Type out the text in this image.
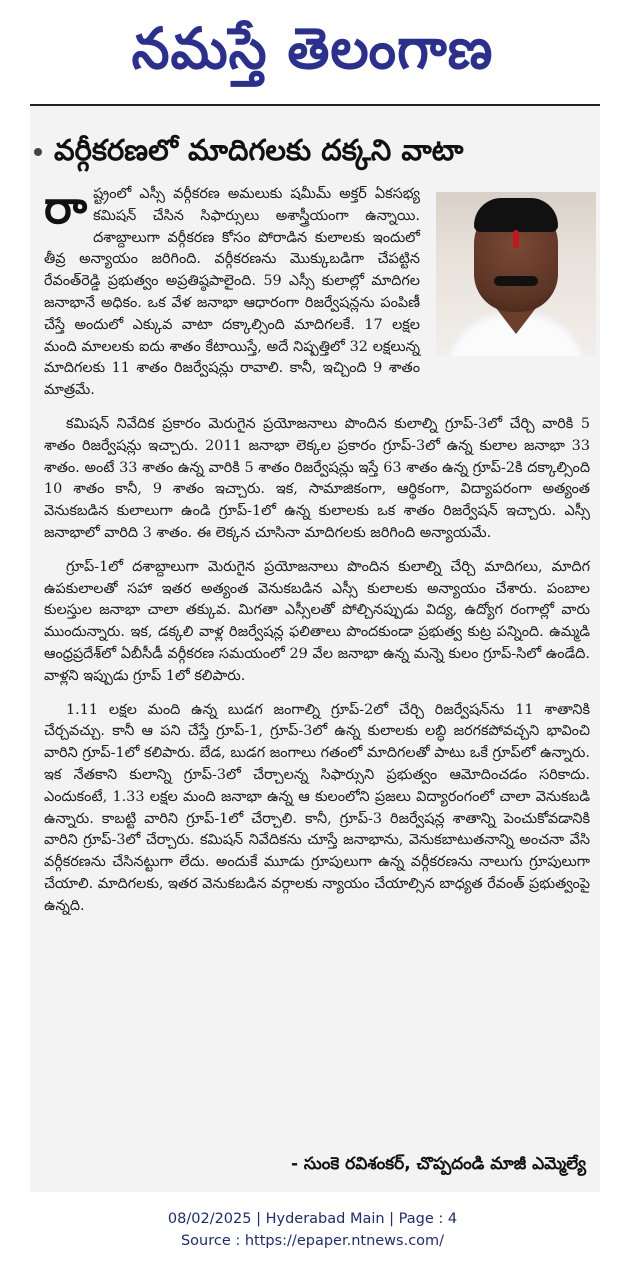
నమస్తే తెలంగాణ
వర్గీకరణలో మాదిగలకు దక్కని వాటా

రాష్ట్రంలో ఎస్సీ వర్గీకరణ అమలుకు షమీమ్ అక్తర్ ఏకసభ్య కమిషన్ చేసిన సిఫార్సులు అశాస్త్రీయంగా ఉన్నాయి. దశాబ్దాలుగా వర్గీకరణ కోసం పోరాడిన కులాలకు ఇందులో తీవ్ర అన్యాయం జరిగింది. వర్గీకరణను మొక్కుబడిగా చేపట్టిన రేవంత్‌రెడ్డి ప్రభుత్వం అప్రతిష్ఠపాలైంది. 59 ఎస్సీ కులాల్లో మాదిగల జనాభానే అధికం. ఒక వేళ జనాభా ఆధారంగా రిజర్వేషన్లను పంపిణీ చేస్తే అందులో ఎక్కువ వాటా దక్కాల్సింది మాదిగలకే. 17 లక్షల మంది మాలలకు ఐదు శాతం కేటాయిస్తే, అదే నిష్పత్తిలో 32 లక్షలున్న మాదిగలకు 11 శాతం రిజర్వేషన్లు రావాలి. కానీ, ఇచ్చింది 9 శాతం మాత్రమే.

కమిషన్ నివేదిక ప్రకారం మెరుగైన ప్రయోజనాలు పొందిన కులాల్ని గ్రూప్‌-3లో చేర్చి వారికి 5 శాతం రిజర్వేషన్లు ఇచ్చారు. 2011 జనాభా లెక్కల ప్రకారం గ్రూప్‌-3లో ఉన్న కులాల జనాభా 33 శాతం. అంటే 33 శాతం ఉన్న వారికి 5 శాతం రిజర్వేషన్లు ఇస్తే 63 శాతం ఉన్న గ్రూప్‌-2కి దక్కాల్సింది 10 శాతం కానీ, 9 శాతం ఇచ్చారు. ఇక, సామాజికంగా, ఆర్థికంగా, విద్యాపరంగా అత్యంత వెనుకబడిన కులాలుగా ఉండి గ్రూప్‌-1లో ఉన్న కులాలకు ఒక శాతం రిజర్వేషన్ ఇచ్చారు. ఎస్సీ జనాభాలో వారిది 3 శాతం. ఈ లెక్కన చూసినా మాదిగలకు జరిగింది అన్యాయమే.

గ్రూప్‌-1లో దశాబ్దాలుగా మెరుగైన ప్రయోజనాలు పొందిన కులాల్ని చేర్చి మాదిగలు, మాదిగ ఉపకులాలతో సహా ఇతర అత్యంత వెనుకబడిన ఎస్సీ కులాలకు అన్యాయం చేశారు. పంబాల కులస్తుల జనాభా చాలా తక్కువ. మిగతా ఎస్సీలతో పోల్చినప్పుడు విద్య, ఉద్యోగ రంగాల్లో వారు ముందున్నారు. ఇక, డక్కలి వాళ్ల రిజర్వేషన్ల ఫలితాలు పొందకుండా ప్రభుత్వ కుట్ర పన్నింది. ఉమ్మడి ఆంధ్రప్రదేశ్‌లో ఏబీసీడీ వర్గీకరణ సమయంలో 29 వేల జనాభా ఉన్న మన్నె కులం గ్రూప్‌-సిలో ఉండేది. వాళ్లని ఇప్పుడు గ్రూప్ 1లో కలిపారు.

1.11 లక్షల మంది ఉన్న బుడగ జంగాల్ని గ్రూప్‌-2లో చేర్చి రిజర్వేషన్‌ను 11 శాతానికి చేర్చవచ్చు. కానీ ఆ పని చేస్తే గ్రూప్‌-1, గ్రూప్‌-3లో ఉన్న కులాలకు లబ్ధి జరగకపోవచ్చని భావించి వారిని గ్రూప్‌-1లో కలిపారు. బేడ, బుడగ జంగాలు గతంలో మాదిగలతో పాటు ఒకే గ్రూప్‌లో ఉన్నారు. ఇక నేతకాని కులాన్ని గ్రూప్‌-3లో చేర్చాలన్న సిఫార్సుని ప్రభుత్వం ఆమోదించడం సరికాదు. ఎందుకంటే, 1.33 లక్షల మంది జనాభా ఉన్న ఆ కులంలోని ప్రజలు విద్యారంగంలో చాలా వెనుకబడి ఉన్నారు. కాబట్టి వారిని గ్రూప్‌-1లో చేర్చాలి. కానీ, గ్రూప్‌-3 రిజర్వేషన్ల శాతాన్ని పెంచుకోవడానికి వారిని గ్రూప్‌-3లో చేర్చారు. కమిషన్ నివేదికను చూస్తే జనాభాను, వెనుకబాటుతనాన్ని అంచనా వేసి వర్గీకరణను చేసినట్టుగా లేదు. అందుకే మూడు గ్రూపులుగా ఉన్న వర్గీకరణను నాలుగు గ్రూపులుగా చేయాలి. మాదిగలకు, ఇతర వెనుకబడిన వర్గాలకు న్యాయం చేయాల్సిన బాధ్యత రేవంత్ ప్రభుత్వంపై ఉన్నది.

- సుంకె రవిశంకర్, చొప్పదండి మాజీ ఎమ్మెల్యే
08/02/2025 | Hyderabad Main | Page : 4
Source : https://epaper.ntnews.com/
